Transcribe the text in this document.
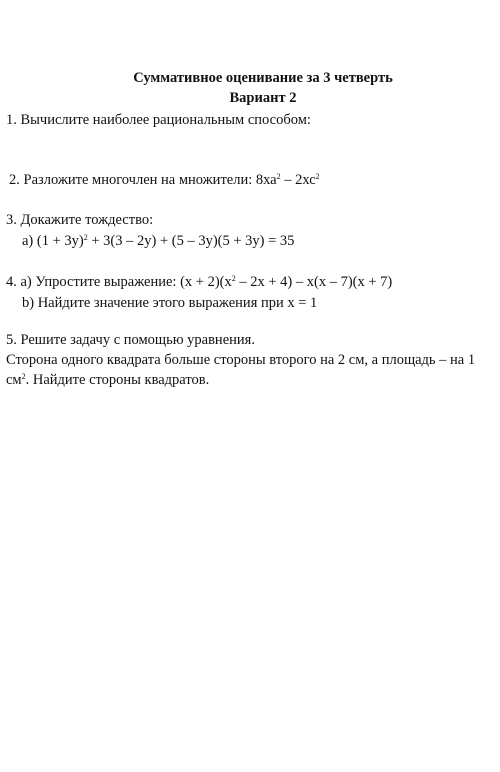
Суммативное оценивание за 3 четверть
Вариант 2
1. Вычислите наиболее рациональным способом:
2. Разложите многочлен на множители: $8ха^2 - 2хс^2$
3. Докажите тождество:
а) $(1 + 3у)^2 + 3(3 - 2у) + (5 - 3у)(5 + 3у) = 35$
4. а) Упростите выражение: $(х + 2)(х^2 - 2х + 4) - х(х - 7)(х + 7)$
b) Найдите значение этого выражения при х = 1
5. Решите задачу с помощью уравнения.
Сторона одного квадрата больше стороны второго на 2 см, а площадь – на 1
$см^2$. Найдите стороны квадратов.
